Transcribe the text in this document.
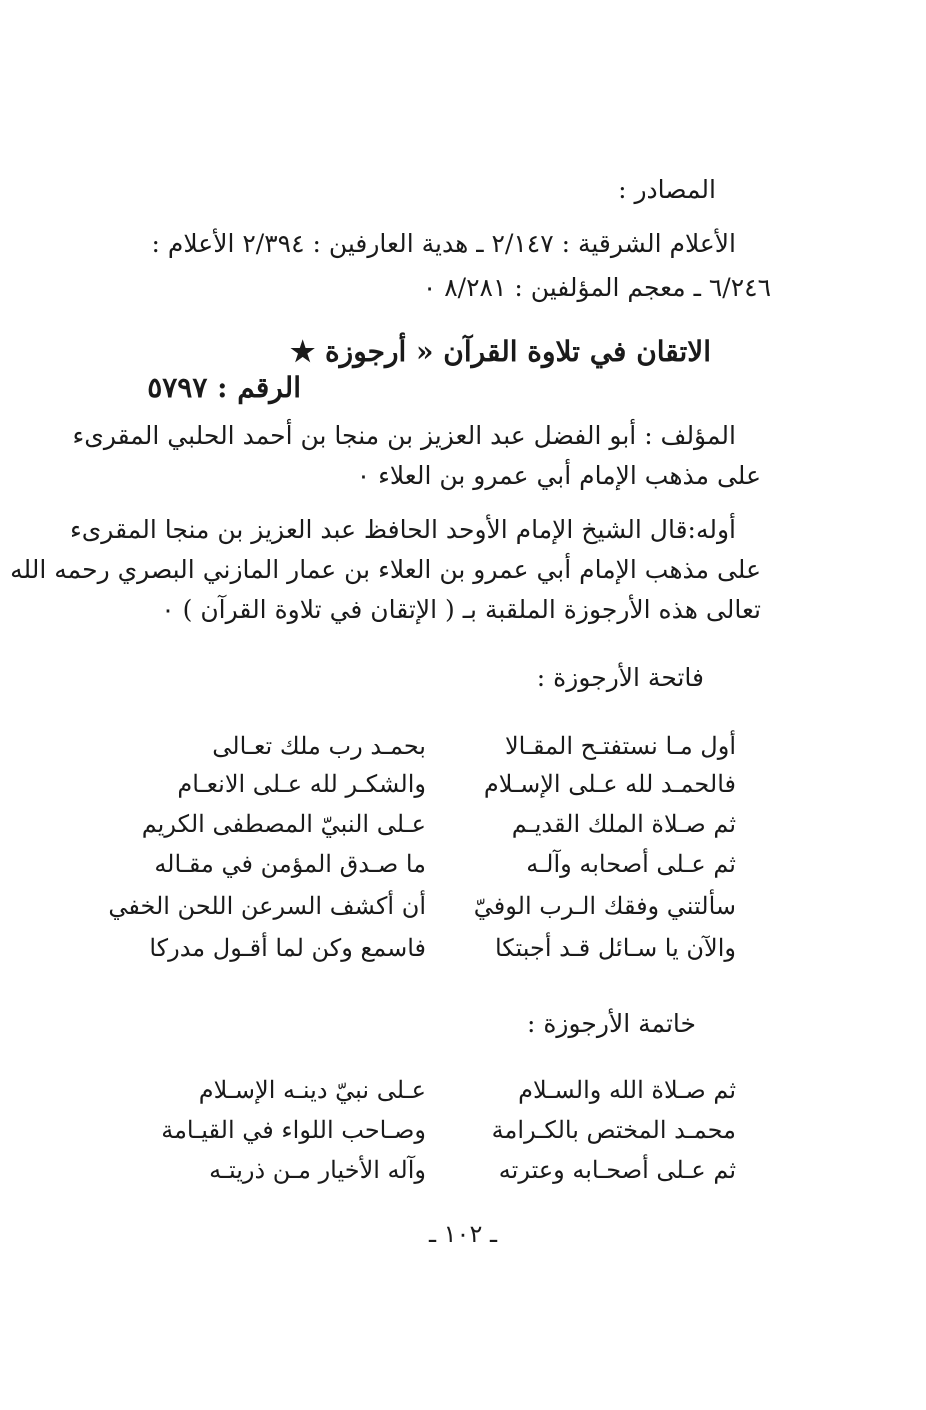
المصادر :
الأعلام الشرقية : ٢/١٤٧ ـ هدية العارفين : ٢/٣٩٤ الأعلام :
٦/٢٤٦ ـ معجم المؤلفين : ٨/٢٨١ ٠
الاتقان في تلاوة القرآن « أرجوزة ★
الرقم : ٥٧٩٧
المؤلف : أبو الفضل عبد العزيز بن منجا بن أحمد الحلبي المقرىء
على مذهب الإمام أبي عمرو بن العلاء ٠
أوله:قال الشيخ الإمام الأوحد الحافظ عبد العزيز بن منجا المقرىء
على مذهب الإمام أبي عمرو بن العلاء بن عمار المازني البصري رحمه الله
تعالى هذه الأرجوزة الملقبة بـ ( الإتقان في تلاوة القرآن ) ٠
فاتحة الأرجوزة :
أول مـا نستفتـح المقـالا
بحمـد رب ملك تعـالى
فالحمـد لله عـلى الإسـلام
والشكـر لله عـلى الانعـام
ثم صـلاة الملك القديـم
عـلى النبيّ المصطفى الكريم
ثم عـلى أصحابه وآلـه
ما صـدق المؤمن في مقـاله
سألتني وفقك الـرب الوفيّ
أن أكشف السرعن اللحن الخفي
والآن يا سـائل قـد أجبتكا
فاسمع وكن لما أقـول مدركا
خاتمة الأرجوزة :
ثم صـلاة الله والسـلام
عـلى نبيّ دينـه الإسـلام
محمـد المختص بالكـرامة
وصـاحب اللواء في القيـامة
ثم عـلى أصحـابه وعترته
وآله الأخيار مـن ذريتـه
ـ ١٠٢ ـ
